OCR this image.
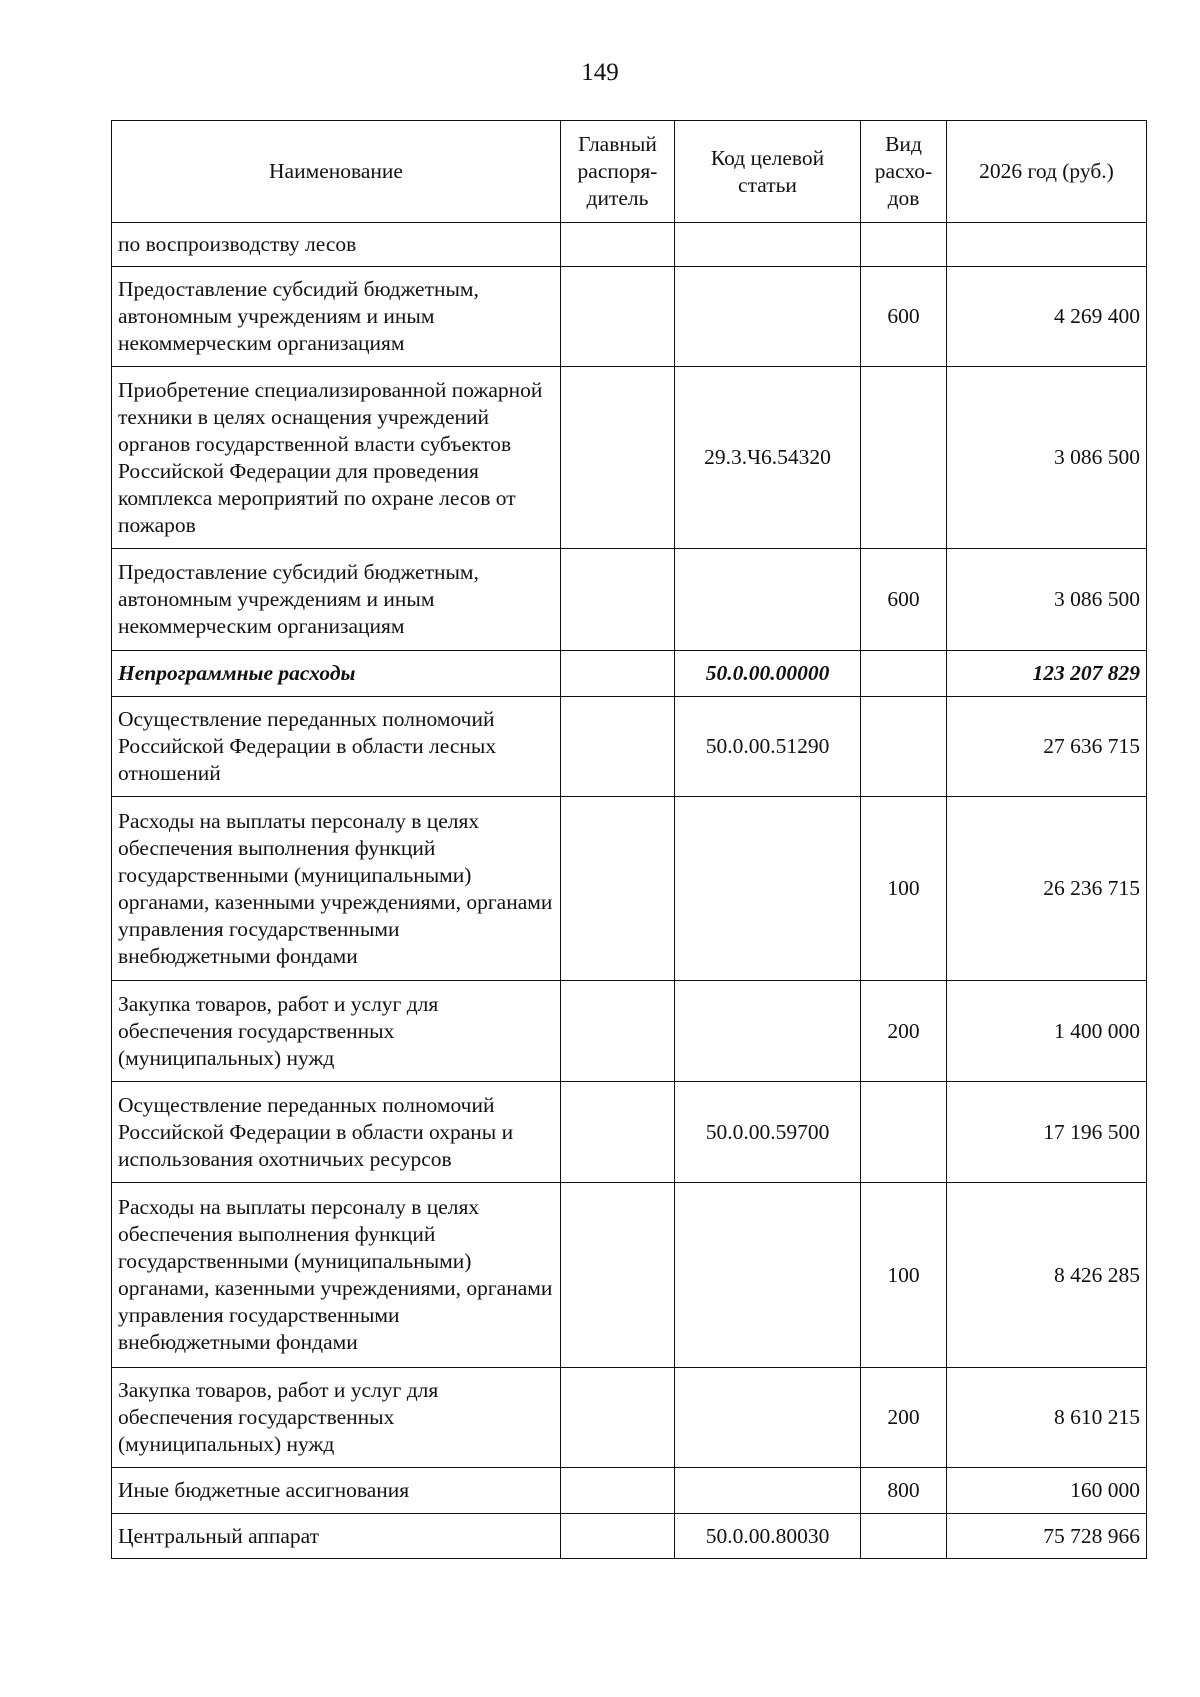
149
Наименование	Главный распоря-дитель	Код целевой статьи	Вид расхо-дов	2026 год (руб.)
по воспроизводству лесов				
Предоставление субсидий бюджетным, автономным учреждениям и иным некоммерческим организациям			600	4 269 400
Приобретение специализированной пожарной техники в целях оснащения учреждений органов государственной власти субъектов Российской Федерации для проведения комплекса мероприятий по охране лесов от пожаров		29.3.Ч6.54320		3 086 500
Предоставление субсидий бюджетным, автономным учреждениям и иным некоммерческим организациям			600	3 086 500
Непрограммные расходы		50.0.00.00000		123 207 829
Осуществление переданных полномочий Российской Федерации в области лесных отношений		50.0.00.51290		27 636 715
Расходы на выплаты персоналу в целях обеспечения выполнения функций государственными (муниципальными) органами, казенными учреждениями, органами управления государственными внебюджетными фондами			100	26 236 715
Закупка товаров, работ и услуг для обеспечения государственных (муниципальных) нужд			200	1 400 000
Осуществление переданных полномочий Российской Федерации в области охраны и использования охотничьих ресурсов		50.0.00.59700		17 196 500
Расходы на выплаты персоналу в целях обеспечения выполнения функций государственными (муниципальными) органами, казенными учреждениями, органами управления государственными внебюджетными фондами			100	8 426 285
Закупка товаров, работ и услуг для обеспечения государственных (муниципальных) нужд			200	8 610 215
Иные бюджетные ассигнования			800	160 000
Центральный аппарат		50.0.00.80030		75 728 966
